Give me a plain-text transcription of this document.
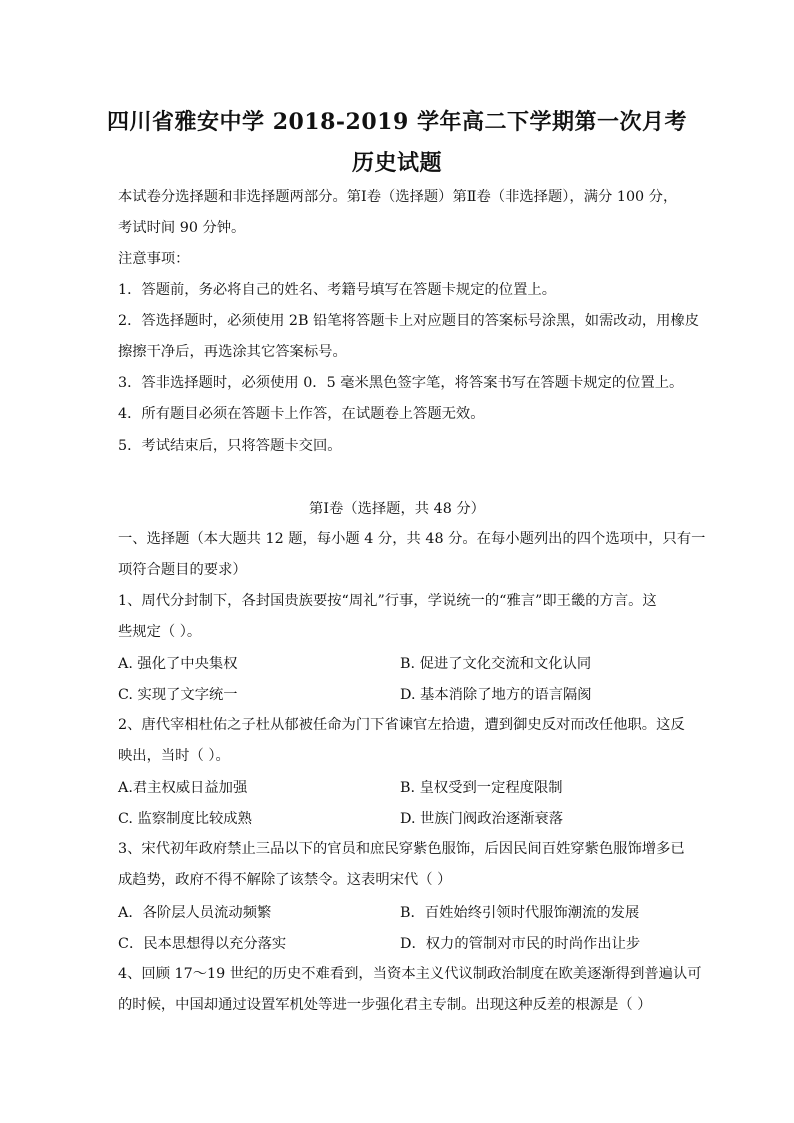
四川省雅安中学 2018-2019 学年高二下学期第一次月考
历史试题
本试卷分选择题和非选择题两部分。第Ⅰ卷（选择题）第Ⅱ卷（非选择题），满分 100 分，
考试时间 90 分钟。
注意事项：
1．答题前，务必将自己的姓名、考籍号填写在答题卡规定的位置上。
2．答选择题时，必须使用 2B 铅笔将答题卡上对应题目的答案标号涂黑，如需改动，用橡皮
擦擦干净后，再选涂其它答案标号。
3．答非选择题时，必须使用 0．5 毫米黑色签字笔，将答案书写在答题卡规定的位置上。
4．所有题目必须在答题卡上作答，在试题卷上答题无效。
5．考试结束后，只将答题卡交回。
第Ⅰ卷（选择题，共 48 分）
一、选择题（本大题共 12 题，每小题 4 分，共 48 分。在每小题列出的四个选项中，只有一
项符合题目的要求）
1、周代分封制下，各封国贵族要按“周礼”行事，学说统一的“雅言”即王畿的方言。这
些规定（ ）。
A. 强化了中央集权	B. 促进了文化交流和文化认同
C. 实现了文字统一	D. 基本消除了地方的语言隔阂
2、唐代宰相杜佑之子杜从郁被任命为门下省谏官左拾遗，遭到御史反对而改任他职。这反
映出，当时（ ）。
A.君主权威日益加强	B. 皇权受到一定程度限制
C. 监察制度比较成熟	D. 世族门阀政治逐渐衰落
3、宋代初年政府禁止三品以下的官员和庶民穿紫色服饰，后因民间百姓穿紫色服饰增多已
成趋势，政府不得不解除了该禁令。这表明宋代（ ）
A．各阶层人员流动频繁	B．百姓始终引领时代服饰潮流的发展
C．民本思想得以充分落实	D．权力的管制对市民的时尚作出让步
4、回顾 17～19 世纪的历史不难看到，当资本主义代议制政治制度在欧美逐渐得到普遍认可
的时候，中国却通过设置军机处等进一步强化君主专制。出现这种反差的根源是（ ）
